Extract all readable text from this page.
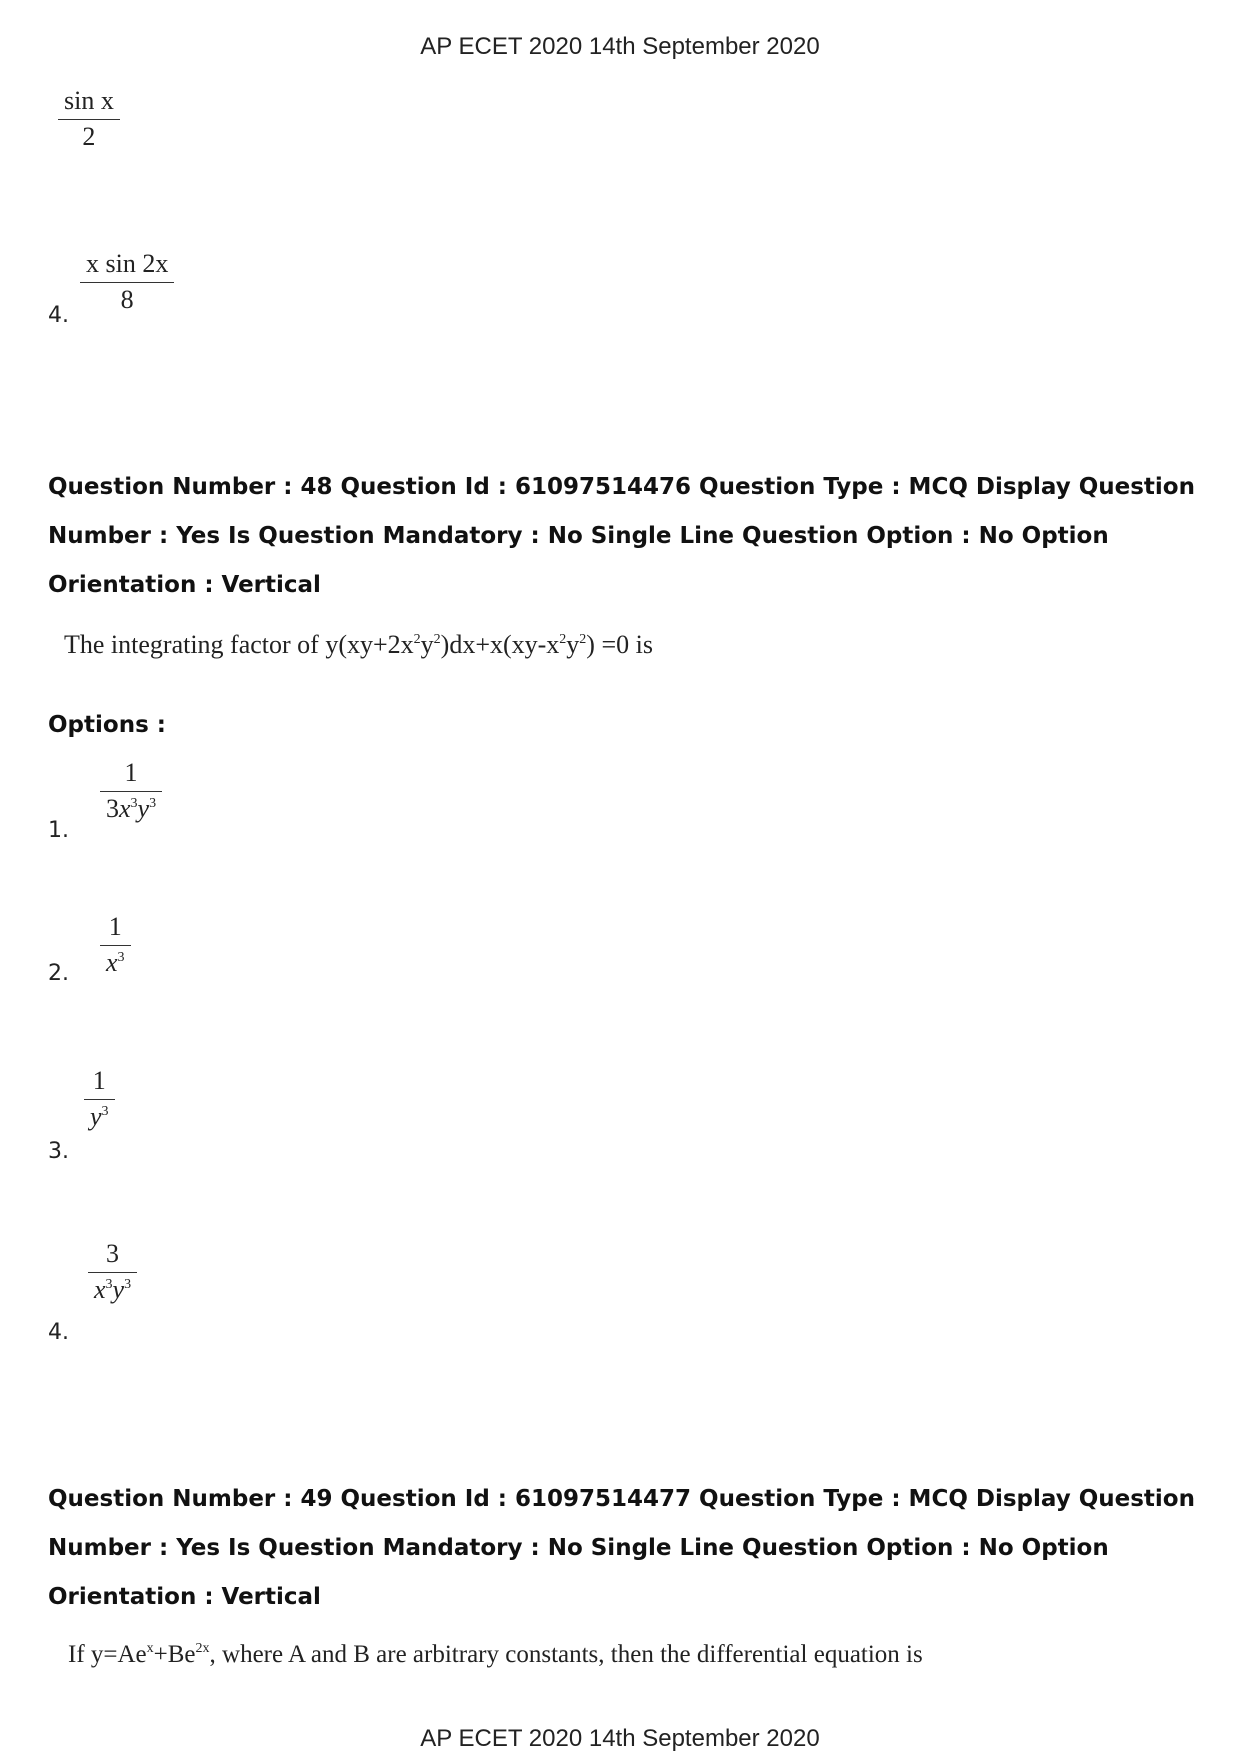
AP ECET 2020 14th September 2020
sin x
2
4.
x sin 2x
8
Question Number : 48 Question Id : 61097514476 Question Type : MCQ Display Question Number : Yes Is Question Mandatory : No Single Line Question Option : No Option Orientation : Vertical
The integrating factor of $y(xy+2x^2y^2)dx+x(xy-x^2y^2) =0$ is
Options :
1.
1
$3x^3y^3$
2.
1
$x^3$
3.
1
$y^3$
4.
3
$x^3y^3$
Question Number : 49 Question Id : 61097514477 Question Type : MCQ Display Question Number : Yes Is Question Mandatory : No Single Line Question Option : No Option Orientation : Vertical
If $y=Ae^x+Be^{2x}$, where A and B are arbitrary constants, then the differential equation is
AP ECET 2020 14th September 2020
